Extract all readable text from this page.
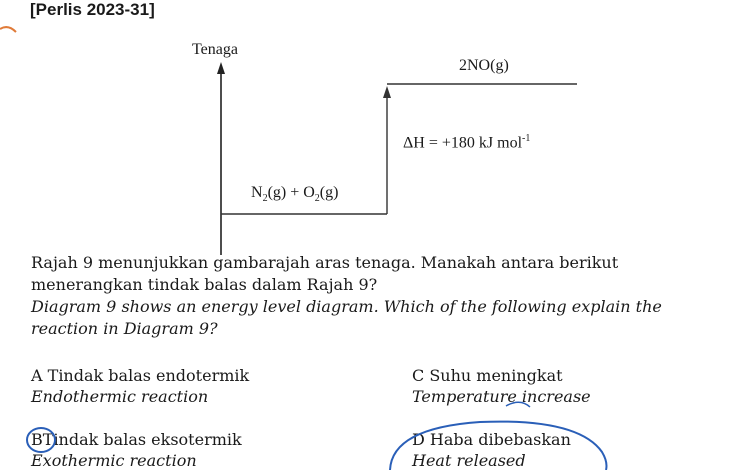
[Perlis 2023-31]
Tenaga
2NO(g)
ΔH = +180 kJ mol$^{-1}$
$N_2(g) + O_2(g)$
Rajah 9 menunjukkan gambarajah aras tenaga. Manakah antara berikut
menerangkan tindak balas dalam Rajah 9?
Diagram 9 shows an energy level diagram. Which of the following explain the
reaction in Diagram 9?
A Tindak balas endotermik
Endothermic reaction
C Suhu meningkat
Temperature increase
BTindak balas eksotermik
Exothermic reaction
D Haba dibebaskan
Heat released
